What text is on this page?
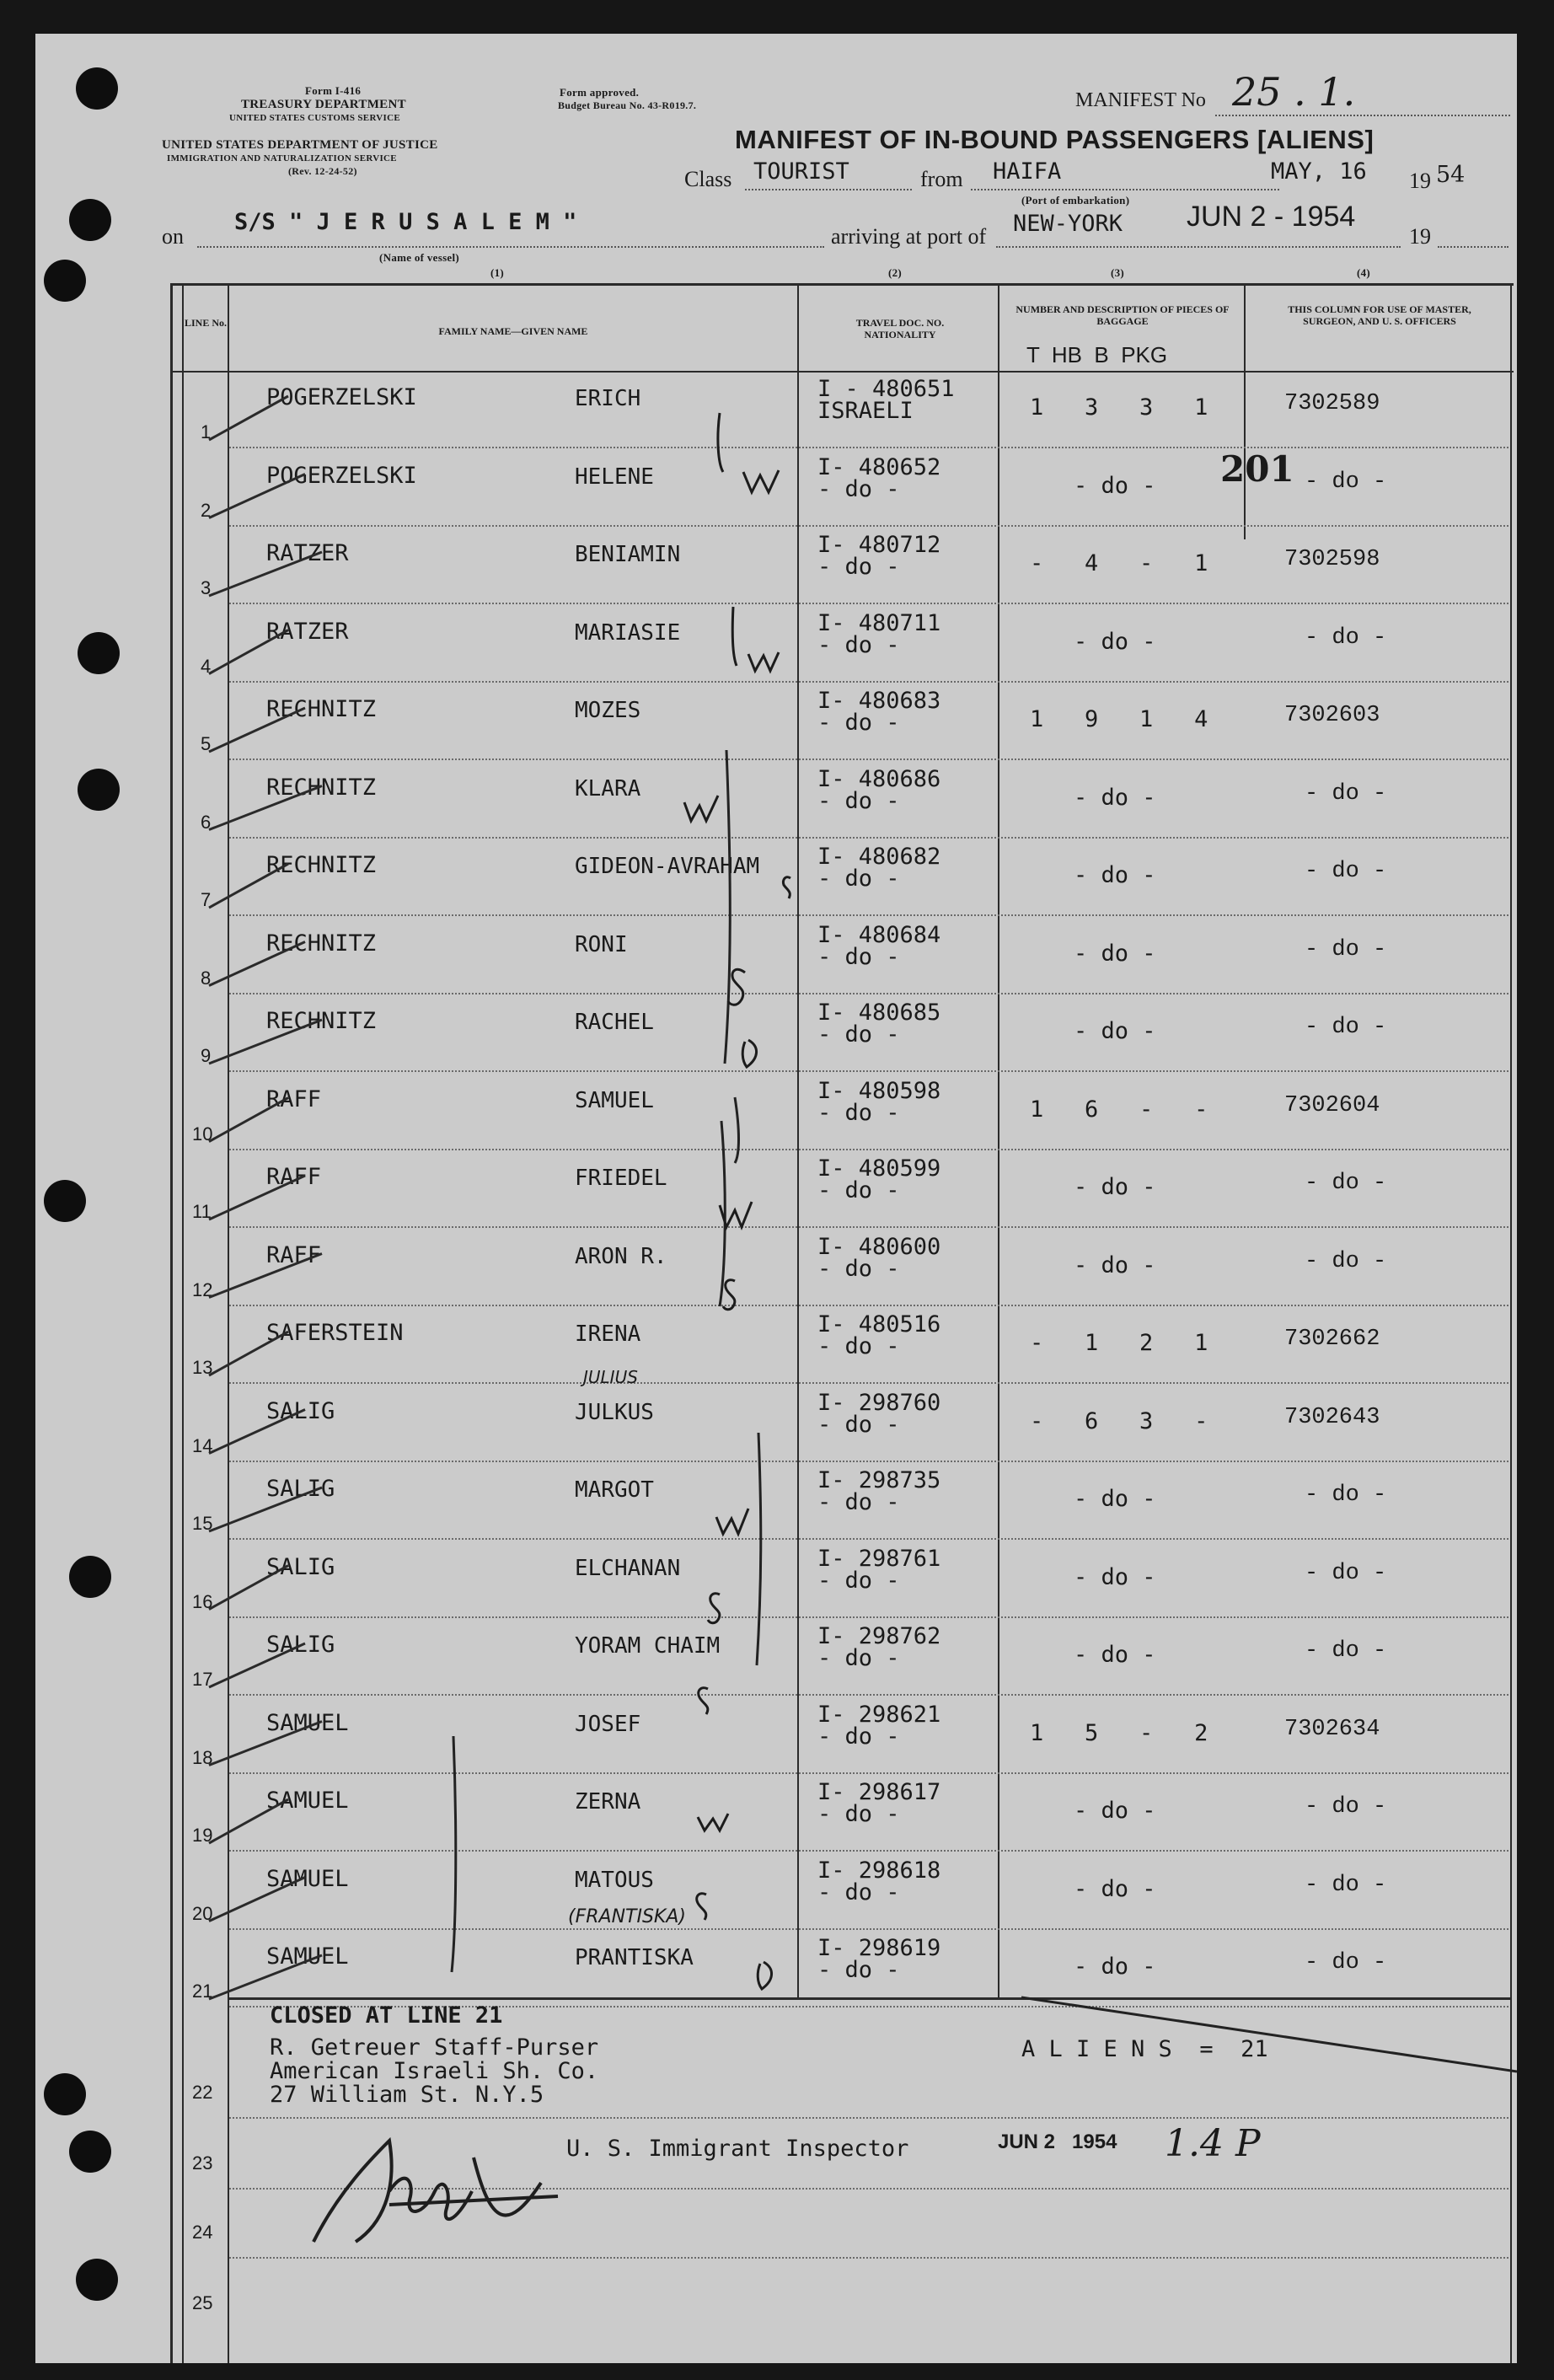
Form I-416
TREASURY DEPARTMENT
UNITED STATES CUSTOMS SERVICE
UNITED STATES DEPARTMENT OF JUSTICE
IMMIGRATION AND NATURALIZATION SERVICE
(Rev. 12-24-52)
Form approved.
Budget Bureau No. 43-R019.7.	MANIFEST No 25 . 1.
MANIFEST OF IN-BOUND PASSENGERS [ALIENS]
Class TOURIST	from HAIFA	MAY, 16 19 54
(Port of embarkation)
on
S/S " J E R U S A L E M "
(Name of vessel)
arriving at port of NEW-YORK JUN 2 - 1954
19
(1)	(2)	(3)	(4)
LINE No.
FAMILY NAME—GIVEN NAME
TRAVEL DOC. NO. NATIONALITY
NUMBER AND DESCRIPTION OF PIECES OF BAGGAGE
T  HB  B  PKG
THIS COLUMN FOR USE OF MASTER, SURGEON, AND U. S. OFFICERS
1
POGERZELSKI	ERICH	I - 480651
ISRAELI	1   3   3   1	7302589
2
POGERZELSKI	HELENE	I- 480652
- do -	- do -	- do -
3
RATZER	BENIAMIN	I- 480712
- do -	-   4   -   1	7302598
4
RATZER	MARIASIE	I- 480711
- do -	- do -	- do -
5
RECHNITZ	MOZES	I- 480683
- do -	1   9   1   4	7302603
6
RECHNITZ	KLARA	I- 480686
- do -	- do -	- do -
7
RECHNITZ	GIDEON-AVRAHAM	I- 480682
- do -	- do -	- do -
8
RECHNITZ	RONI	I- 480684
- do -	- do -	- do -
9
RECHNITZ	RACHEL	I- 480685
- do -	- do -	- do -
10
RAFF	SAMUEL	I- 480598
- do -	1   6   -   -	7302604
11
RAFF	FRIEDEL	I- 480599
- do -	- do -	- do -
12
RAFF	ARON R.	I- 480600
- do -	- do -	- do -
13
SAFERSTEIN	IRENA	I- 480516
- do -	-   1   2   1	7302662
14
SALIG	JULKUS	I- 298760
- do -	-   6   3   -	7302643
15
SALIG	MARGOT	I- 298735
- do -	- do -	- do -
16
SALIG	ELCHANAN	I- 298761
- do -	- do -	- do -
17
SALIG	YORAM CHAIM	I- 298762
- do -	- do -	- do -
18
SAMUEL	JOSEF	I- 298621
- do -	1   5   -   2	7302634
19
SAMUEL	ZERNA	I- 298617
- do -	- do -	- do -
20
SAMUEL	MATOUS	I- 298618
- do -	- do -	- do -
21
SAMUEL	PRANTISKA	I- 298619
- do -	- do -	- do -
22
23
24
25
201
JULIUS
(FRANTISKA)
CLOSED AT LINE 21
R. Getreuer Staff-Purser
American Israeli Sh. Co.
27 William St. N.Y.5
A L I E N S  =  21
U. S. Immigrant Inspector	JUN 2   1954 1.4 P
